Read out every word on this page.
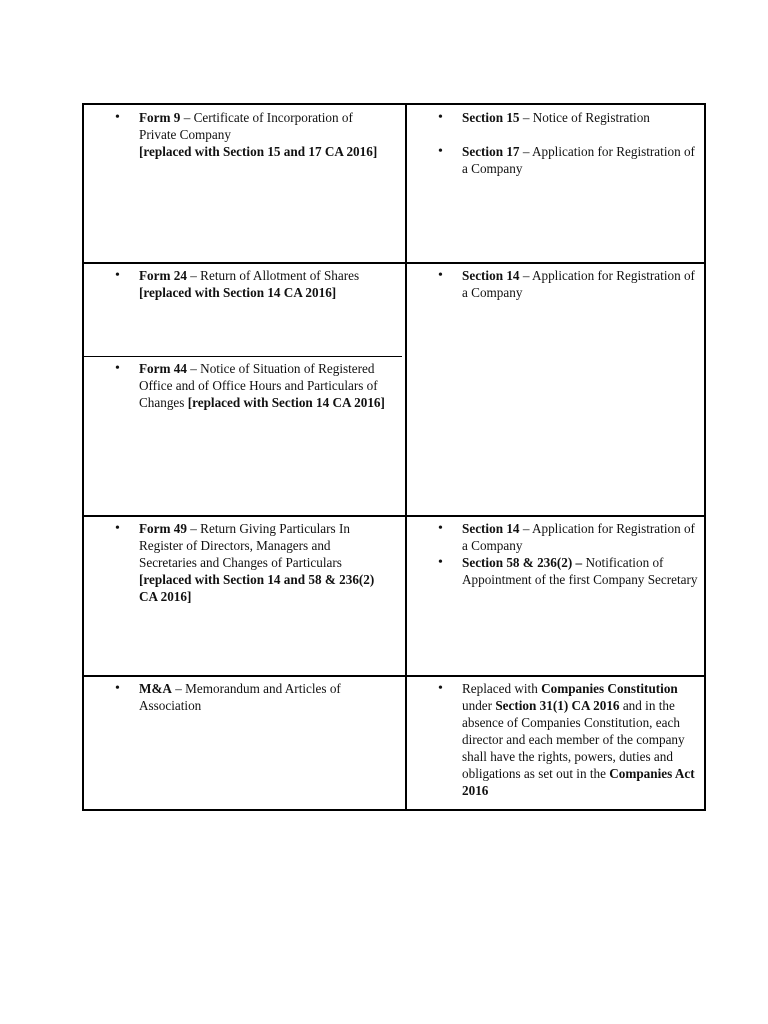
• Form 9 – Certificate of Incorporation of Private Company
[replaced with Section 15 and 17 CA 2016]
• Section 15 – Notice of Registration
• Section 17 – Application for Registration of a Company
• Form 24 – Return of Allotment of Shares
[replaced with Section 14 CA 2016]
• Form 44 – Notice of Situation of Registered Office and of Office Hours and Particulars of Changes [replaced with Section 14 CA 2016]
• Section 14 – Application for Registration of a Company
• Form 49 – Return Giving Particulars In Register of Directors, Managers and Secretaries and Changes of Particulars
[replaced with Section 14 and 58 & 236(2) CA 2016]
• Section 14 – Application for Registration of a Company
• Section 58 & 236(2) – Notification of Appointment of the first Company Secretary
• M&A – Memorandum and Articles of Association
• Replaced with Companies Constitution under Section 31(1) CA 2016 and in the absence of Companies Constitution, each director and each member of the company shall have the rights, powers, duties and obligations as set out in the Companies Act 2016
